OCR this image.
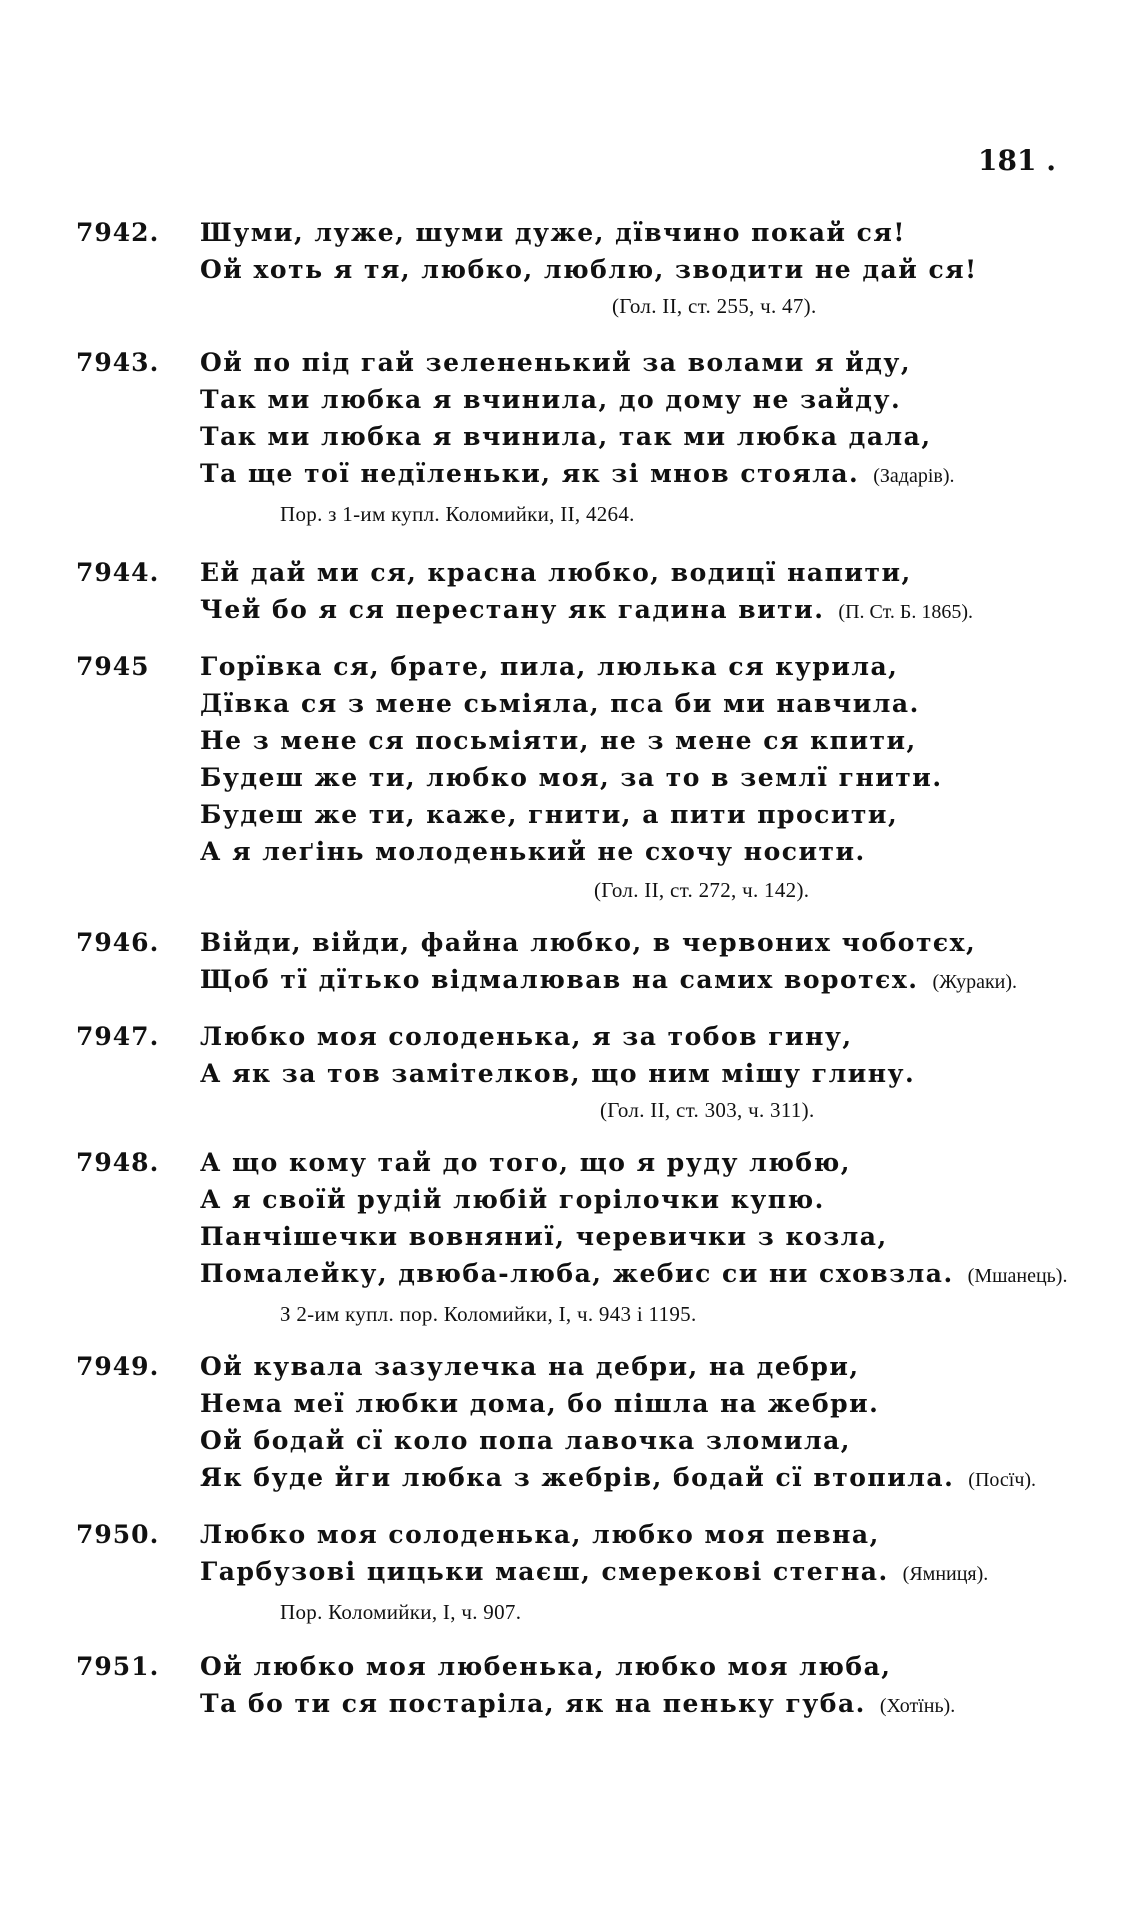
181 .
7942. Шуми, луже, шуми дуже, дївчино покай ся!
Ой хоть я тя, любко, люблю, зводити не дай ся!
(Гол. II, ст. 255, ч. 47).
7943. Ой по під гай зелененький за волами я йду,
Так ми любка я вчинила, до дому не зайду.
Так ми любка я вчинила, так ми любка дала,
Та ще тої недїленьки, як зі мнов стояла. (Задарів).
Пор. з 1-им купл. Коломийки, II, 4264.
7944. Ей дай ми ся, красна любко, водицї напити,
Чей бо я ся перестану як гадина вити. (П. Ст. Б. 1865).
7945 Горївка ся, брате, пила, люлька ся курила,
Дївка ся з мене сьміяла, пса би ми навчила.
Не з мене ся посьміяти, не з мене ся кпити,
Будеш же ти, любко моя, за то в землї гнити.
Будеш же ти, каже, гнити, а пити просити,
А я леґінь молоденький не схочу носити.
(Гол. II, ст. 272, ч. 142).
7946. Війди, війди, файна любко, в червоних чоботєх,
Щоб тї дїтько відмалював на самих воротєх. (Жураки).
7947. Любко моя солоденька, я за тобов гину,
А як за тов замітелков, що ним мішу глину.
(Гол. II, ст. 303, ч. 311).
7948. А що кому тай до того, що я руду любю,
А я своїй рудій любій горілочки купю.
Панчішечки вовняниї, черевички з козла,
Помалейку, двюба-люба, жебис си ни сховзла. (Мшанець).
З 2-им купл. пор. Коломийки, I, ч. 943 і 1195.
7949. Ой кувала зазулечка на дебри, на дебри,
Нема меї любки дома, бо пішла на жебри.
Ой бодай сї коло попа лавочка зломила,
Як буде йги любка з жебрів, бодай сї втопила. (Посїч).
7950. Любко моя солоденька, любко моя певна,
Гарбузові цицьки маєш, смерекові стегна. (Ямниця).
Пор. Коломийки, I, ч. 907.
7951. Ой любко моя любенька, любко моя люба,
Та бо ти ся постаріла, як на пеньку губа. (Хотїнь).
